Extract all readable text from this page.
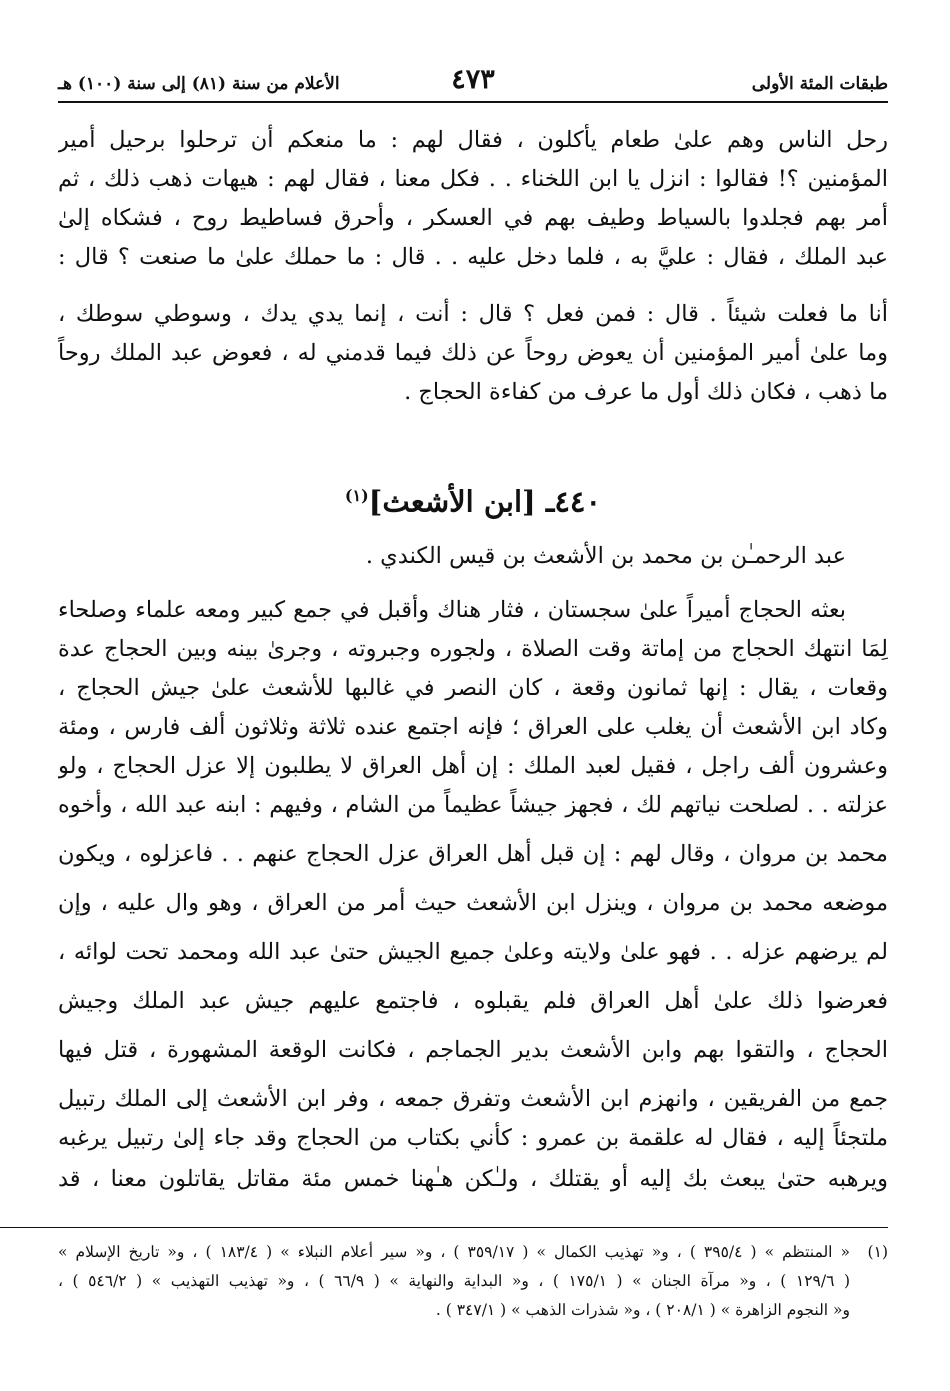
طبقات المئة الأولى
٤٧٣
الأعلام من سنة (٨١) إلى سنة (١٠٠) هـ
رحل الناس وهم علىٰ طعام يأكلون ، فقال لهم : ما منعكم أن ترحلوا برحيل أمير
المؤمنين ؟! فقالوا : انزل يا ابن اللخناء . . فكل معنا ، فقال لهم : هيهات ذهب ذلك ، ثم
أمر بهم فجلدوا بالسياط وطيف بهم في العسكر ، وأحرق فساطيط روح ، فشكاه إلىٰ
عبد الملك ، فقال : عليَّ به ، فلما دخل عليه . . قال : ما حملك علىٰ ما صنعت ؟ قال :
أنا ما فعلت شيئاً . قال : فمن فعل ؟ قال : أنت ، إنما يدي يدك ، وسوطي سوطك ،
وما علىٰ أمير المؤمنين أن يعوض روحاً عن ذلك فيما قدمني له ، فعوض عبد الملك روحاً
ما ذهب ، فكان ذلك أول ما عرف من كفاءة الحجاج .
٤٤٠ـ [ابن الأشعث]$^{(١)}$
عبد الرحمـٰن بن محمد بن الأشعث بن قيس الكندي .
بعثه الحجاج أميراً علىٰ سجستان ، فثار هناك وأقبل في جمع كبير ومعه علماء وصلحاء
لِمَا انتهك الحجاج من إماتة وقت الصلاة ، ولجوره وجبروته ، وجرىٰ بينه وبين الحجاج عدة
وقعات ، يقال : إنها ثمانون وقعة ، كان النصر في غالبها للأشعث علىٰ جيش الحجاج ،
وكاد ابن الأشعث أن يغلب على العراق ؛ فإنه اجتمع عنده ثلاثة وثلاثون ألف فارس ، ومئة
وعشرون ألف راجل ، فقيل لعبد الملك : إن أهل العراق لا يطلبون إلا عزل الحجاج ، ولو
عزلته . . لصلحت نياتهم لك ، فجهز جيشاً عظيماً من الشام ، وفيهم : ابنه عبد الله ، وأخوه
محمد بن مروان ، وقال لهم : إن قبل أهل العراق عزل الحجاج عنهم . . فاعزلوه ، ويكون
موضعه محمد بن مروان ، وينزل ابن الأشعث حيث أمر من العراق ، وهو وال عليه ، وإن
لم يرضهم عزله . . فهو علىٰ ولايته وعلىٰ جميع الجيش حتىٰ عبد الله ومحمد تحت لوائه ،
فعرضوا ذلك علىٰ أهل العراق فلم يقبلوه ، فاجتمع عليهم جيش عبد الملك وجيش
الحجاج ، والتقوا بهم وابن الأشعث بدير الجماجم ، فكانت الوقعة المشهورة ، قتل فيها
جمع من الفريقين ، وانهزم ابن الأشعث وتفرق جمعه ، وفر ابن الأشعث إلى الملك رتبيل
ملتجئاً إليه ، فقال له علقمة بن عمرو : كأني بكتاب من الحجاج وقد جاء إلىٰ رتبيل يرغبه
ويرهبه حتىٰ يبعث بك إليه أو يقتلك ، ولـٰكن هـٰهنا خمس مئة مقاتل يقاتلون معنا ، قد
(١)
« المنتظم » ( ٣٩٥/٤ ) ، و« تهذيب الكمال » ( ٣٥٩/١٧ ) ، و« سير أعلام النبلاء » ( ١٨٣/٤ ) ، و« تاريخ الإسلام »
( ١٢٩/٦ ) ، و« مرآة الجنان » ( ١٧٥/١ ) ، و« البداية والنهاية » ( ٦٦/٩ ) ، و« تهذيب التهذيب » ( ٥٤٦/٢ ) ،
و« النجوم الزاهرة » ( ٢٠٨/١ ) ، و« شذرات الذهب » ( ٣٤٧/١ ) .
